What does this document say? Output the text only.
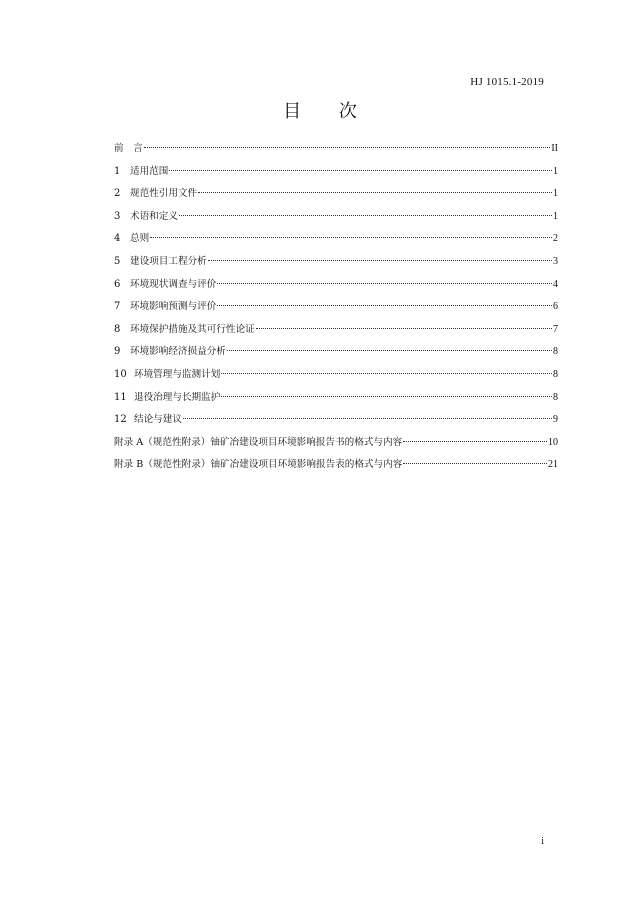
HJ 1015.1-2019
目 次
前　言	II
1	适用范围	1
2	规范性引用文件	1
3	术语和定义	1
4	总则	2
5	建设项目工程分析	3
6	环境现状调查与评价	4
7	环境影响预测与评价	6
8	环境保护措施及其可行性论证	7
9	环境影响经济损益分析	8
10 环境管理与监测计划	8
11 退役治理与长期监护	8
12 结论与建议	9
附录 A（规范性附录）铀矿冶建设项目环境影响报告书的格式与内容	10
附录 B（规范性附录）铀矿冶建设项目环境影响报告表的格式与内容	21
i
